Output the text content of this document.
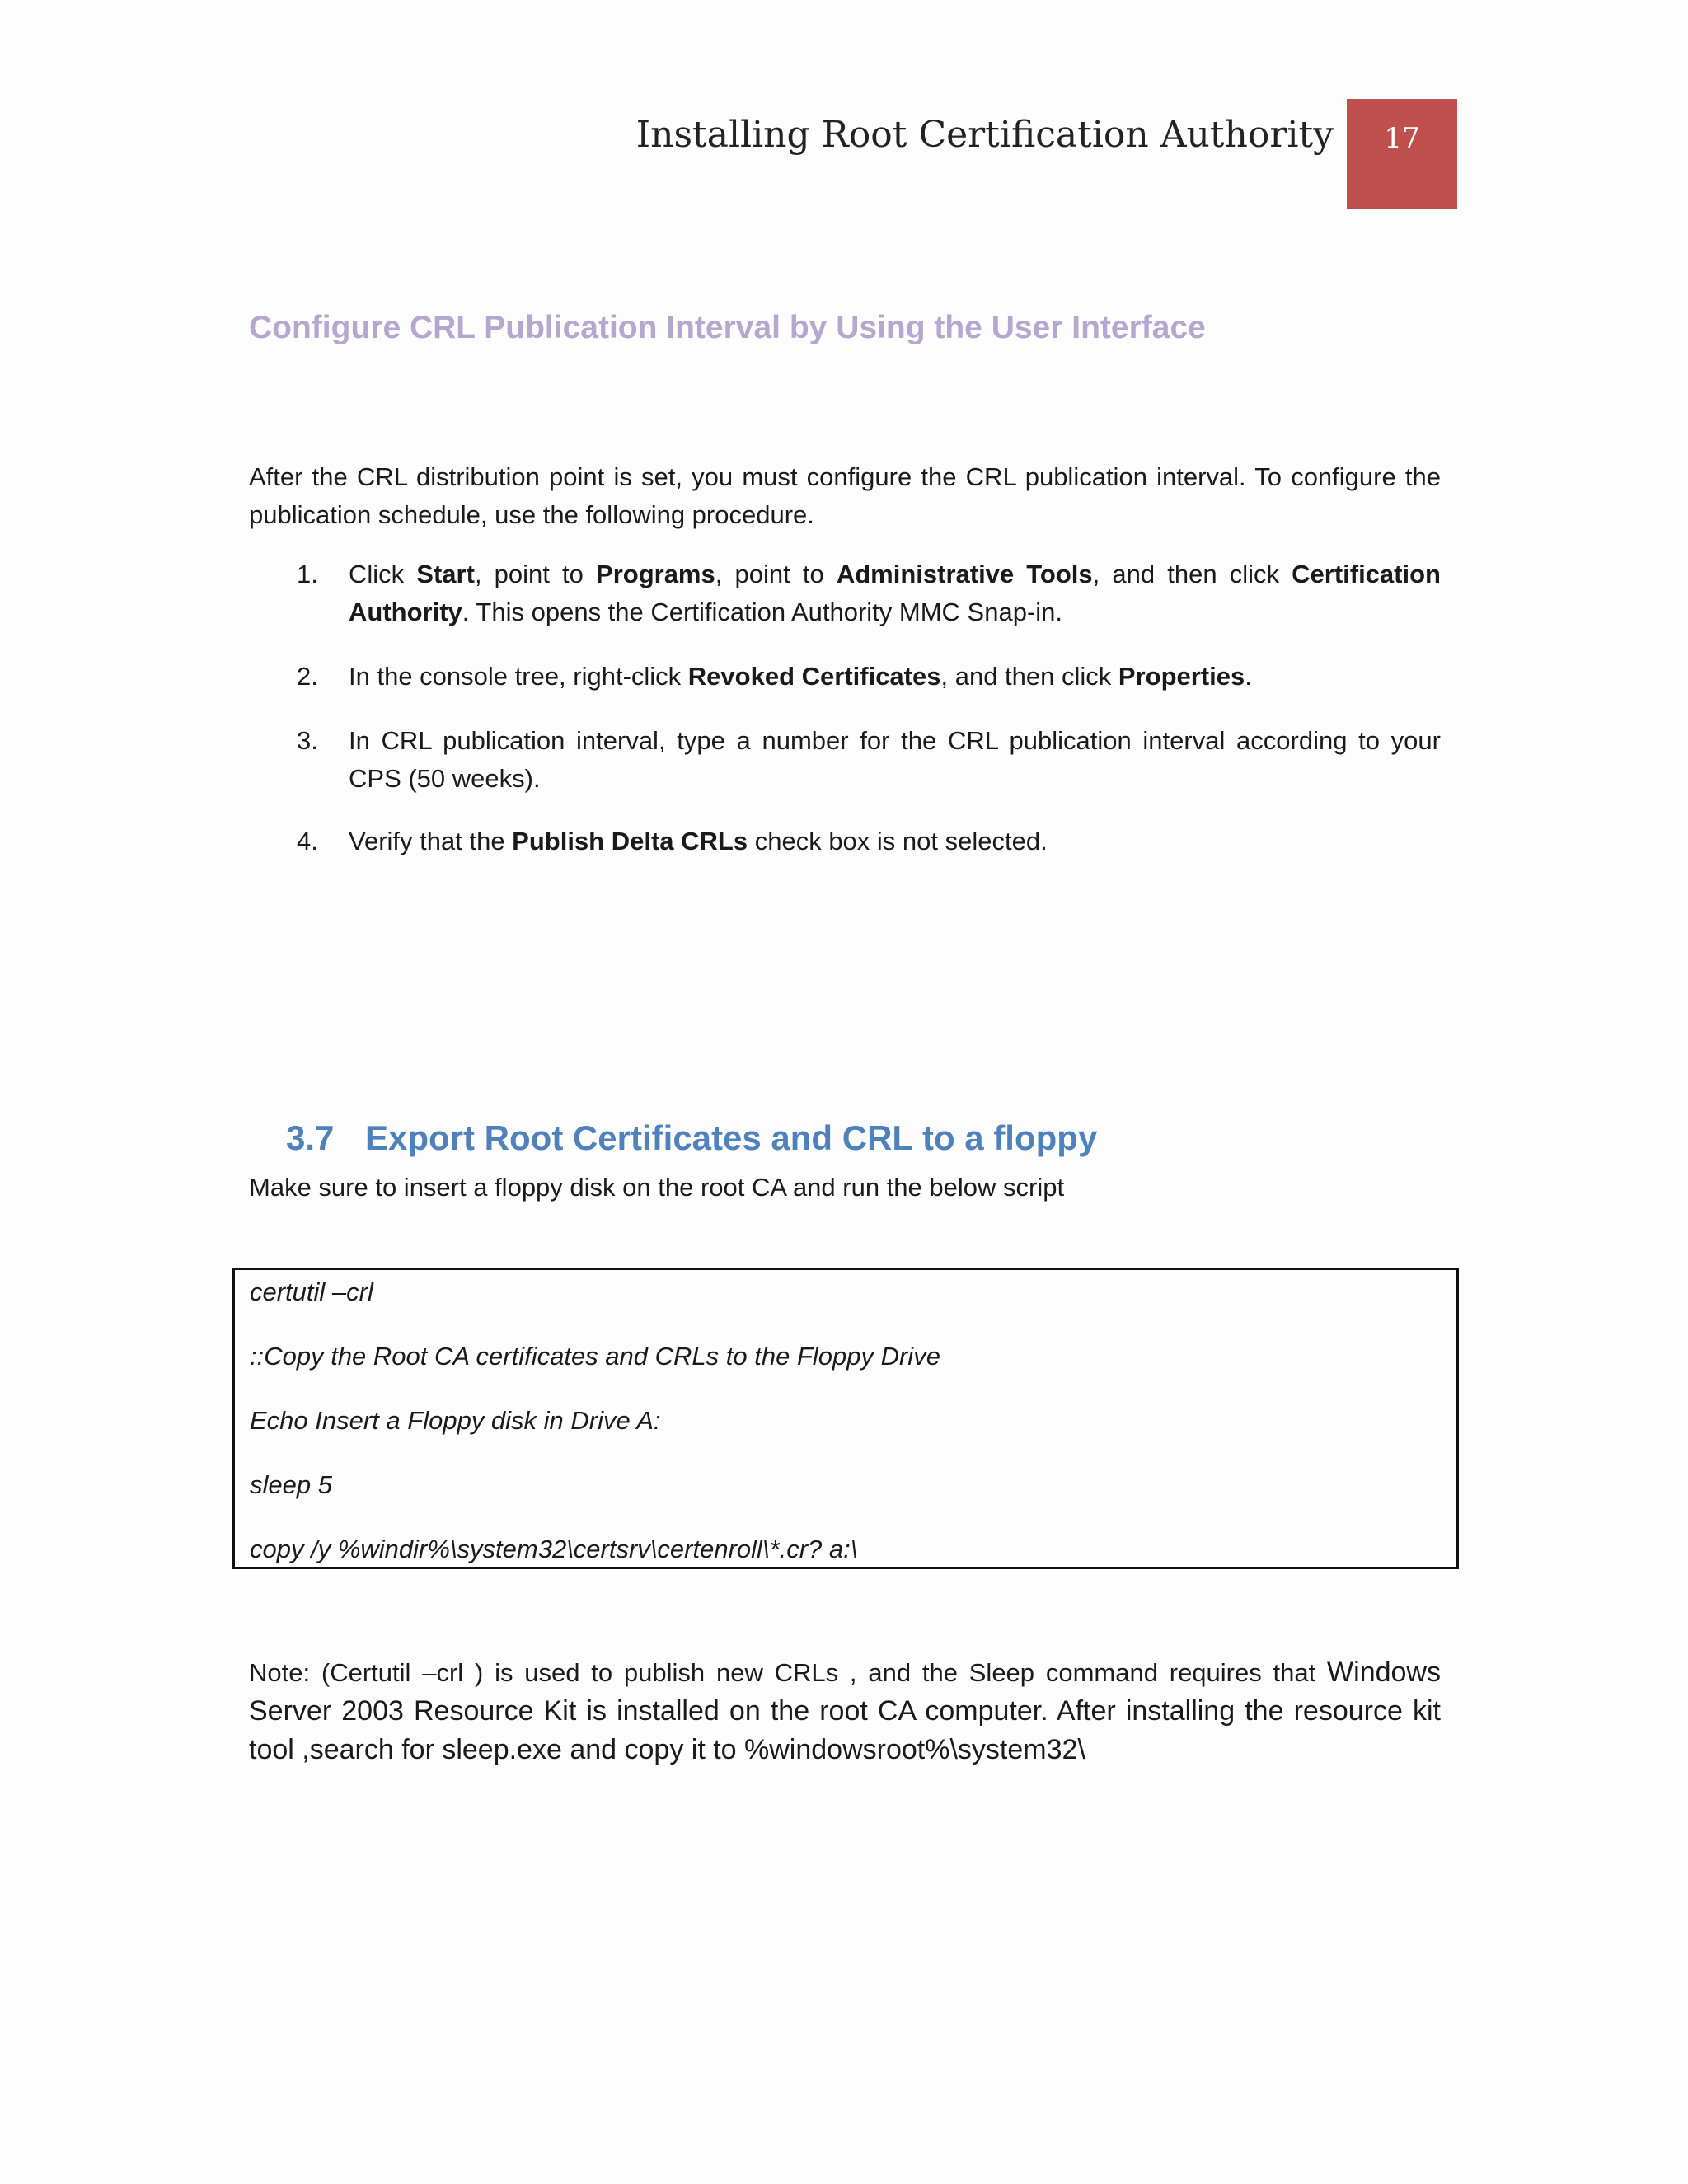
Installing Root Certification Authority 17
Configure CRL Publication Interval by Using the User Interface
After the CRL distribution point is set, you must configure the CRL publication interval. To configure the publication schedule, use the following procedure.
1.	Click Start, point to Programs, point to Administrative Tools, and then click Certification Authority. This opens the Certification Authority MMC Snap-in.
2.	In the console tree, right-click Revoked Certificates, and then click Properties.
3.	In CRL publication interval, type a number for the CRL publication interval according to your CPS (50 weeks).
4.	Verify that the Publish Delta CRLs check box is not selected.
3.7 Export Root Certificates and CRL to a floppy
Make sure to insert a floppy disk on the root CA and run the below script
certutil –crl
::Copy the Root CA certificates and CRLs to the Floppy Drive
Echo Insert a Floppy disk in Drive A:
sleep 5
copy /y %windir%\system32\certsrv\certenroll\*.cr? a:\
Note: (Certutil –crl ) is used to publish new CRLs , and the Sleep command requires that Windows Server 2003 Resource Kit is installed on the root CA computer. After installing the resource kit tool ,search for sleep.exe and copy it to %windowsroot%\system32\
